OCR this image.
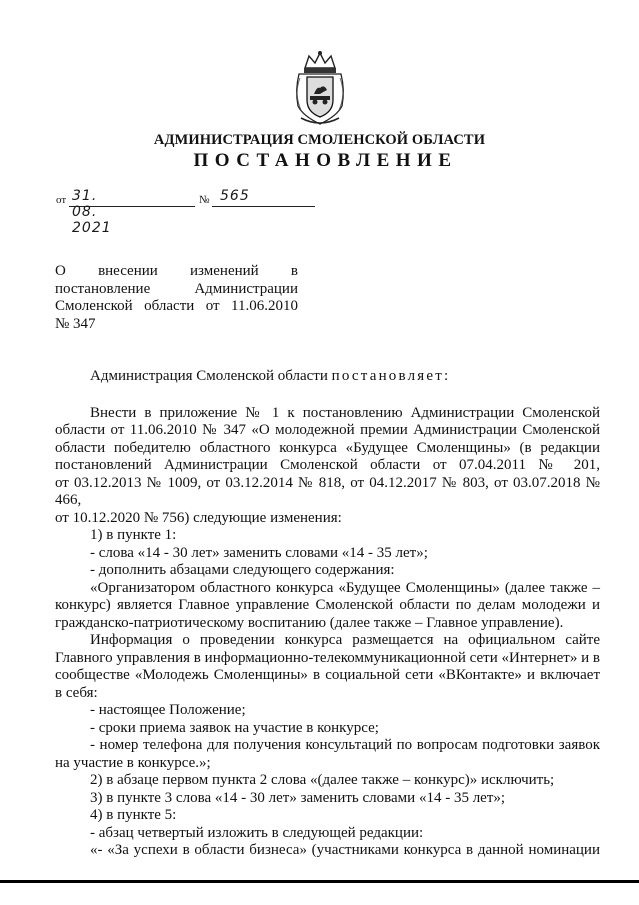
АДМИНИСТРАЦИЯ СМОЛЕНСКОЙ ОБЛАСТИ
ПОСТАНОВЛЕНИЕ
от 31. 08. 2021
№ 565
О внесении изменений в
постановление Администрации
Смоленской области от 11.06.2010
№ 347
Администрация Смоленской области постановляет:
Внести в приложение № 1 к постановлению Администрации Смоленской
области от 11.06.2010 № 347 «О молодежной премии Администрации Смоленской
области победителю областного конкурса «Будущее Смоленщины» (в редакции
постановлений Администрации Смоленской области от 07.04.2011 № 201,
от 03.12.2013 № 1009, от 03.12.2014 № 818, от 04.12.2017 № 803, от 03.07.2018 № 466,
от 10.12.2020 № 756) следующие изменения:
1) в пункте 1:
- слова «14 - 30 лет» заменить словами «14 - 35 лет»;
- дополнить абзацами следующего содержания:
«Организатором областного конкурса «Будущее Смоленщины» (далее также –
конкурс) является Главное управление Смоленской области по делам молодежи и
гражданско-патриотическому воспитанию (далее также – Главное управление).
Информация о проведении конкурса размещается на официальном сайте
Главного управления в информационно-телекоммуникационной сети «Интернет» и в
сообществе «Молодежь Смоленщины» в социальной сети «ВКонтакте» и включает
в себя:
- настоящее Положение;
- сроки приема заявок на участие в конкурсе;
- номер телефона для получения консультаций по вопросам подготовки заявок
на участие в конкурсе.»;
2) в абзаце первом пункта 2 слова «(далее также – конкурс)» исключить;
3) в пункте 3 слова «14 - 30 лет» заменить словами «14 - 35 лет»;
4) в пункте 5:
- абзац четвертый изложить в следующей редакции:
«- «За успехи в области бизнеса» (участниками конкурса в данной номинации
